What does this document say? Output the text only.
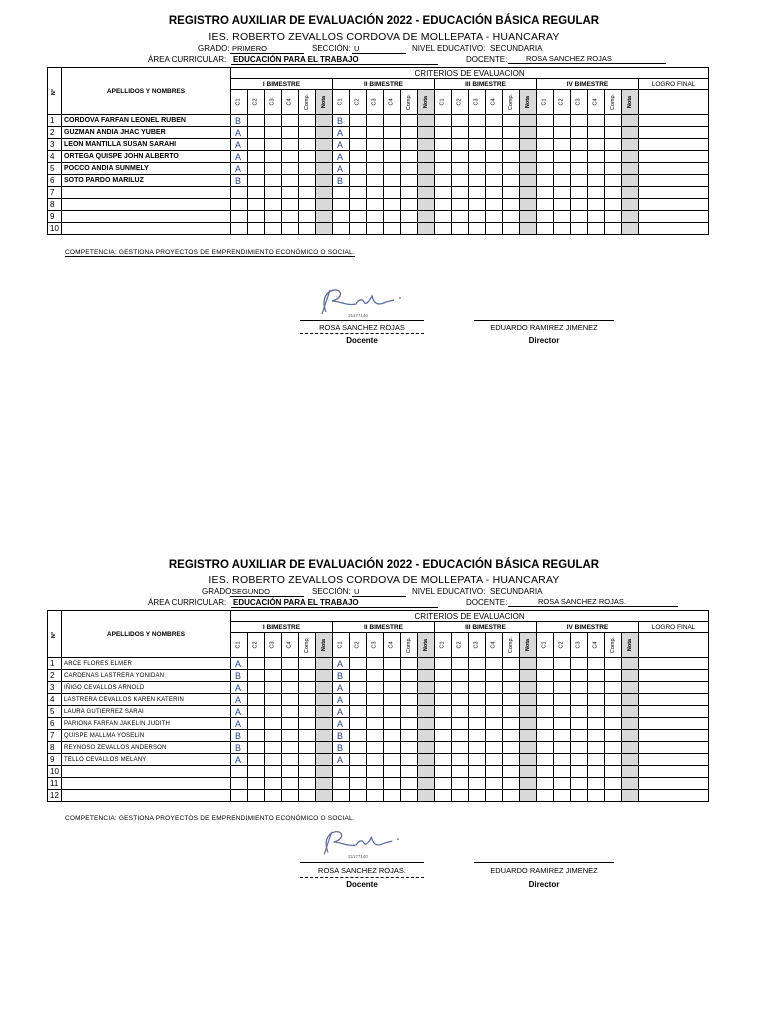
REGISTRO AUXILIAR DE EVALUACIÓN 2022 - EDUCACIÓN BÁSICA REGULAR
IES. ROBERTO ZEVALLOS CORDOVA DE MOLLEPATA - HUANCARAY
GRADO: PRIMERO	SECCIÓN: U	NIVEL EDUCATIVO: SECUNDARIA
ÁREA CURRICULAR: EDUCACIÓN PARA EL TRABAJO	DOCENTE:	ROSA SANCHEZ ROJAS
N°	APELLIDOS Y NOMBRES	CRITERIOS DE EVALUACION																								
		I BIMESTRE						II BIMESTRE						III BIMESTRE						IV BIMESTRE						LOGRO FINAL
		C1	C2	C3	C4	Comp.	Nota	C1	C2	C3	C4	Comp.	Nota	C1	C2	C3	C4	Comp.	Nota	C1	C2	C3	C4	Comp.	Nota	
1	CORDOVA FARFAN LEONEL RUBEN	B						B																		
2	GUZMAN ANDIA JHAC YUBER	A						A																		
3	LEON MANTILLA SUSAN SARAHI	A						A																		
4	ORTEGA QUISPE JOHN ALBERTO	A						A																		
5	POCCO ANDIA SUNMELY	A						A																		
6	SOTO PARDO MARILUZ	B						B																		
7																										
8																										
9																										
10																										
COMPETENCIA: GESTIONA PROYECTOS DE EMPRENDIMIENTO ECONÓMICO O SOCIAL.
31177140
ROSA SANCHEZ ROJAS
Docente
EDUARDO RAMIREZ JIMENEZ
Director
REGISTRO AUXILIAR DE EVALUACIÓN 2022 - EDUCACIÓN BÁSICA REGULAR
IES. ROBERTO ZEVALLOS CORDOVA DE MOLLEPATA - HUANCARAY
GRADO:
SEGUNDO	SECCIÓN: U	NIVEL EDUCATIVO: SECUNDARIA
ÁREA CURRICULAR: EDUCACIÓN PARA EL TRABAJO	DOCENTE:	ROSA SANCHEZ ROJAS.
N°	APELLIDOS Y NOMBRES	CRITERIOS DE EVALUACION																								
		I BIMESTRE						II BIMESTRE						III BIMESTRE						IV BIMESTRE						LOGRO FINAL
		C1	C2	C3	C4	Comp.	Nota	C1	C2	C3	C4	Comp.	Nota	C1	C2	C3	C4	Comp.	Nota	C1	C2	C3	C4	Comp.	Nota	
1	ARCE FLORES ELMER	A						A																		
2	CARDENAS LASTRERA YONIDAN	B						B																		
3	IÑIGO CEVALLOS ARNOLD	A						A																		
4	LASTRERA CEVALLOS KAREN KATERIN	A						A																		
5	LAURA GUTIERREZ SARAI	A						A																		
6	PARIONA FARFAN JAKELIN JUDITH	A						A																		
7	QUISPE MALLMA YOSELIN	B						B																		
8	REYNOSO ZEVALLOS ANDERSON	B						B																		
9	TELLO CEVALLOS MELANY	A						A																		
10																										
11																										
12																										
COMPETENCIA: GESTIONA PROYECTOS DE EMPRENDIMIENTO ECONÓMICO O SOCIAL.
31177140
ROSA SANCHEZ ROJAS.
Docente
EDUARDO RAMIREZ JIMENEZ
Director
